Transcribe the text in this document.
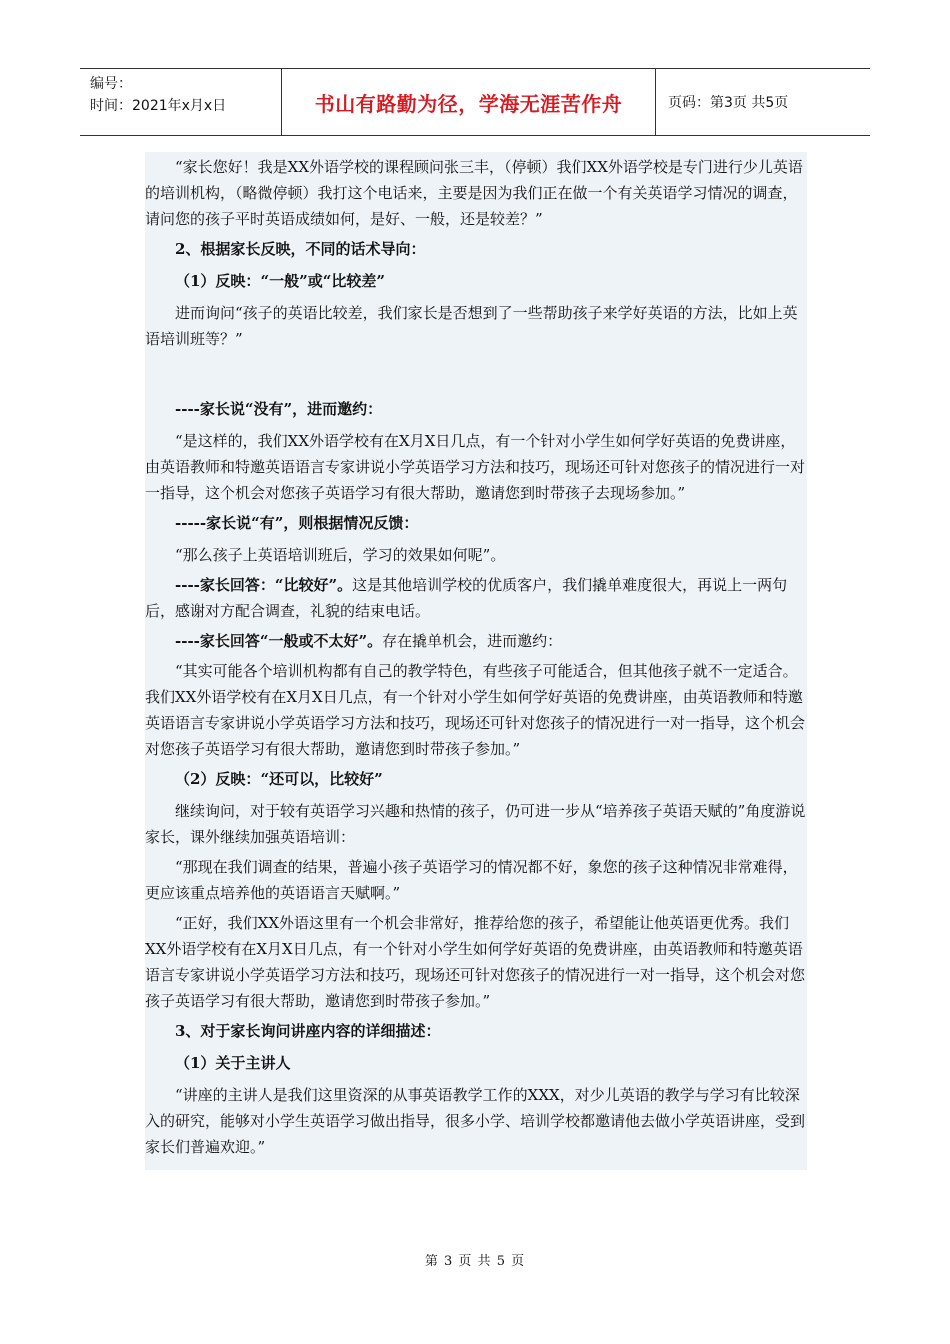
编号：
时间：2021年x月x日	书山有路勤为径，学海无涯苦作舟	页码：第3页 共5页

“家长您好！我是XX外语学校的课程顾问张三丰，（停顿）我们XX外语学校是专门进行少儿英语的培训机构，（略微停顿）我打这个电话来，主要是因为我们正在做一个有关英语学习情况的调查，请问您的孩子平时英语成绩如何，是好、一般，还是较差？”

2、根据家长反映，不同的话术导向：

（1）反映：“一般”或“比较差”

进而询问“孩子的英语比较差，我们家长是否想到了一些帮助孩子来学好英语的方法，比如上英语培训班等？”

----家长说“没有”，进而邀约：

“是这样的，我们XX外语学校有在X月X日几点，有一个针对小学生如何学好英语的免费讲座，由英语教师和特邀英语语言专家讲说小学英语学习方法和技巧，现场还可针对您孩子的情况进行一对一指导，这个机会对您孩子英语学习有很大帮助，邀请您到时带孩子去现场参加。”

-----家长说“有”，则根据情况反馈：

“那么孩子上英语培训班后，学习的效果如何呢”。

----家长回答：“比较好”。这是其他培训学校的优质客户，我们撬单难度很大，再说上一两句后，感谢对方配合调查，礼貌的结束电话。

----家长回答“一般或不太好”。存在撬单机会，进而邀约：

“其实可能各个培训机构都有自己的教学特色，有些孩子可能适合，但其他孩子就不一定适合。我们XX外语学校有在X月X日几点，有一个针对小学生如何学好英语的免费讲座，由英语教师和特邀英语语言专家讲说小学英语学习方法和技巧，现场还可针对您孩子的情况进行一对一指导，这个机会对您孩子英语学习有很大帮助，邀请您到时带孩子参加。”

（2）反映：“还可以，比较好”

继续询问，对于较有英语学习兴趣和热情的孩子，仍可进一步从“培养孩子英语天赋的”角度游说家长，课外继续加强英语培训：

“那现在我们调查的结果，普遍小孩子英语学习的情况都不好，象您的孩子这种情况非常难得，更应该重点培养他的英语语言天赋啊。”

“正好，我们XX外语这里有一个机会非常好，推荐给您的孩子，希望能让他英语更优秀。我们XX外语学校有在X月X日几点，有一个针对小学生如何学好英语的免费讲座，由英语教师和特邀英语语言专家讲说小学英语学习方法和技巧，现场还可针对您孩子的情况进行一对一指导，这个机会对您孩子英语学习有很大帮助，邀请您到时带孩子参加。”

3、对于家长询问讲座内容的详细描述：

（1）关于主讲人

“讲座的主讲人是我们这里资深的从事英语教学工作的XXX，对少儿英语的教学与学习有比较深入的研究，能够对小学生英语学习做出指导，很多小学、培训学校都邀请他去做小学英语讲座，受到家长们普遍欢迎。”

第 3 页 共 5 页
